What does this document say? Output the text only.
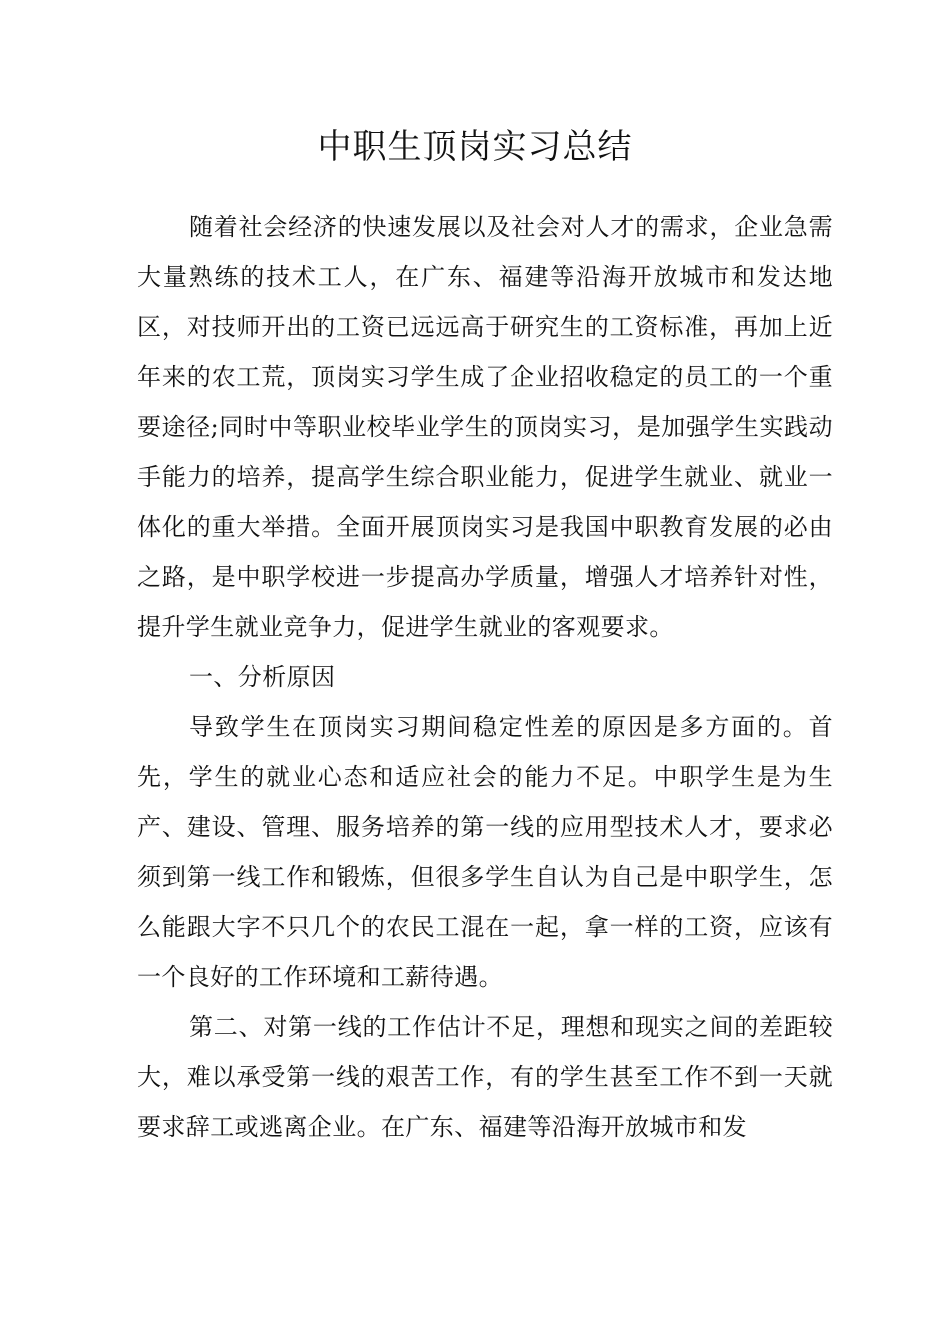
中职生顶岗实习总结

随着社会经济的快速发展以及社会对人才的需求，企业急需大量熟练的技术工人，在广东、福建等沿海开放城市和发达地区，对技师开出的工资已远远高于研究生的工资标准，再加上近年来的农工荒，顶岗实习学生成了企业招收稳定的员工的一个重要途径;同时中等职业校毕业学生的顶岗实习，是加强学生实践动手能力的培养，提高学生综合职业能力，促进学生就业、就业一体化的重大举措。全面开展顶岗实习是我国中职教育发展的必由之路，是中职学校进一步提高办学质量，增强人才培养针对性，提升学生就业竞争力，促进学生就业的客观要求。

一、分析原因

导致学生在顶岗实习期间稳定性差的原因是多方面的。首先，学生的就业心态和适应社会的能力不足。中职学生是为生产、建设、管理、服务培养的第一线的应用型技术人才，要求必须到第一线工作和锻炼，但很多学生自认为自己是中职学生，怎么能跟大字不只几个的农民工混在一起，拿一样的工资，应该有一个良好的工作环境和工薪待遇。

第二、对第一线的工作估计不足，理想和现实之间的差距较大，难以承受第一线的艰苦工作，有的学生甚至工作不到一天就要求辞工或逃离企业。在广东、福建等沿海开放城市和发
